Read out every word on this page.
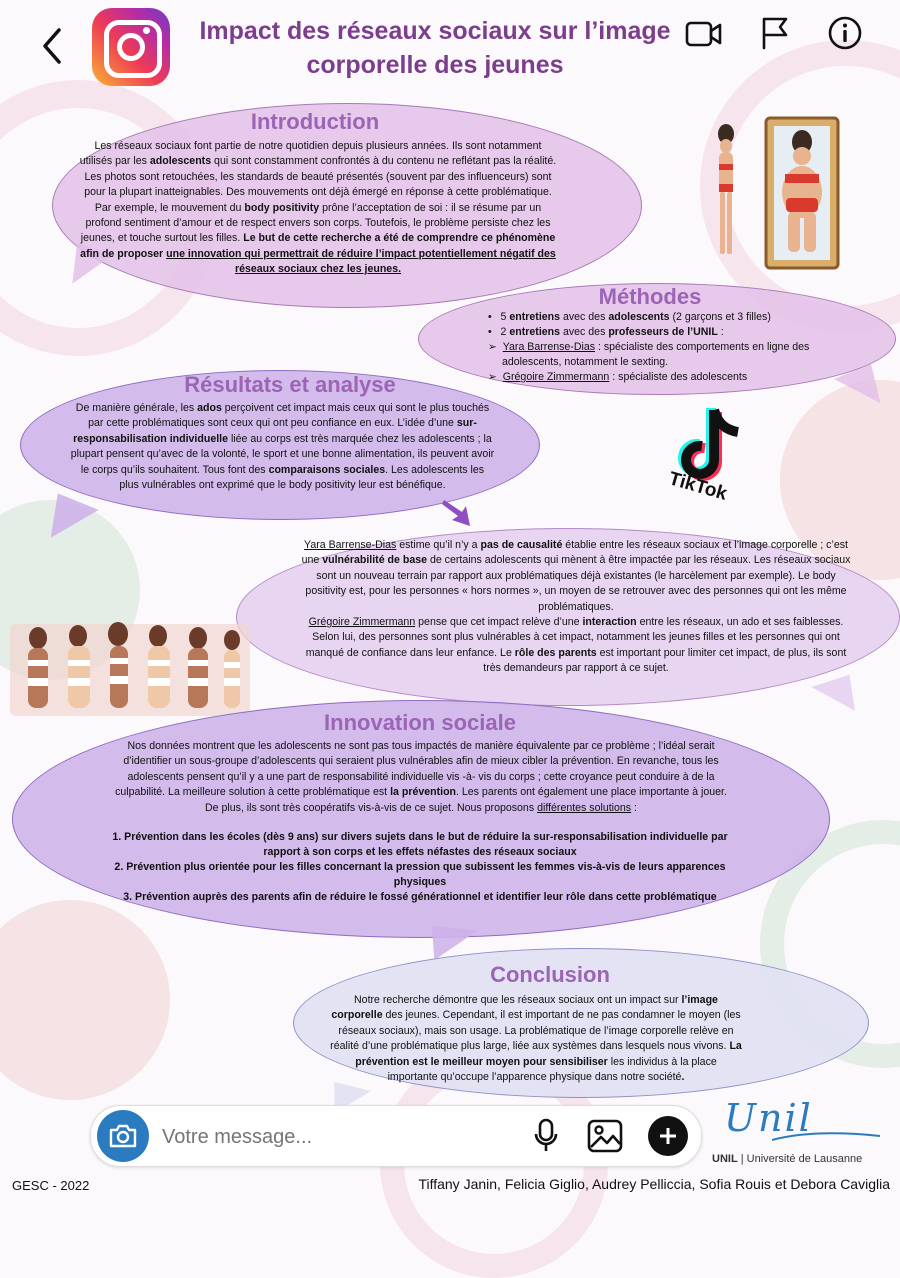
Impact des réseaux sociaux sur l’image
corporelle des jeunes
Introduction
Les réseaux sociaux font partie de notre quotidien depuis plusieurs années. Ils sont notamment utilisés par les adolescents qui sont constamment confrontés à du contenu ne reflétant pas la réalité. Les photos sont retouchées, les standards de beauté présentés (souvent par des influenceurs) sont pour la plupart inatteignables. Des mouvements ont déjà émergé en réponse à cette problématique. Par exemple, le mouvement du body positivity prône l’acceptation de soi : il se résume par un profond sentiment d’amour et de respect envers son corps. Toutefois, le problème persiste chez les jeunes, et touche surtout les filles. Le but de cette recherche a été de comprendre ce phénomène afin de proposer une innovation qui permettrait de réduire l’impact potentiellement négatif des réseaux sociaux chez les jeunes.
Méthodes
•   5 entretiens avec des adolescents (2 garçons et 3 filles)
•   2 entretiens avec des professeurs de l’UNIL :
➢  Yara Barrense-Dias : spécialiste des comportements en ligne des adolescents, notamment le sexting.
➢  Grégoire Zimmermann : spécialiste des adolescents
Résultats et analyse
De manière générale, les ados perçoivent cet impact mais ceux qui sont le plus touchés par cette problématiques sont ceux qui ont peu confiance en eux. L’idée d’une sur-responsabilisation individuelle liée au corps est très marquée chez les adolescents ; la plupart pensent qu’avec de la volonté, le sport et une bonne alimentation, ils peuvent avoir le corps qu’ils souhaitent. Tous font des comparaisons sociales. Les adolescents les plus vulnérables ont exprimé que le body positivity leur est bénéfique.	TikTok
Yara Barrense-Dias estime qu’il n’y a pas de causalité établie entre les réseaux sociaux et l’image corporelle ; c’est une vulnérabilité de base de certains adolescents qui mènent à être impactée par les réseaux. Les réseaux sociaux sont un nouveau terrain par rapport aux problématiques déjà existantes (le harcèlement par exemple). Le body positivity est, pour les personnes « hors normes », un moyen de se retrouver avec des personnes qui ont les même problématiques.
Grégoire Zimmermann pense que cet impact relève d’une interaction entre les réseaux, un ado et ses faiblesses. Selon lui, des personnes sont plus vulnérables à cet impact, notamment les jeunes filles et les personnes qui ont manqué de confiance dans leur enfance. Le rôle des parents est important pour limiter cet impact, de plus, ils sont très demandeurs par rapport à ce sujet.
Innovation sociale
Nos données montrent que les adolescents ne sont pas tous impactés de manière équivalente par ce problème ; l’idéal serait d’identifier un sous-groupe d’adolescents qui seraient plus vulnérables afin de mieux cibler la prévention. En revanche, tous les adolescents pensent qu’il y a une part de responsabilité individuelle vis -à- vis du corps ; cette croyance peut conduire à de la culpabilité. La meilleure solution à cette problématique est la prévention. Les parents ont également une place importante à jouer. De plus, ils sont très coopératifs vis-à-vis de ce sujet. Nous proposons différentes solutions :
1. Prévention dans les écoles (dès 9 ans) sur divers sujets dans le but de réduire la sur-responsabilisation individuelle par rapport à son corps et les effets néfastes des réseaux sociaux
2. Prévention plus orientée pour les filles concernant la pression que subissent les femmes vis-à-vis de leurs apparences physiques
3. Prévention auprès des parents afin de réduire le fossé générationnel et identifier leur rôle dans cette problématique
Conclusion
Notre recherche démontre que les réseaux sociaux ont un impact sur l’image corporelle des jeunes. Cependant, il est important de ne pas condamner le moyen (les réseaux sociaux), mais son usage. La problématique de l’image corporelle relève en réalité d’une problématique plus large, liée aux systèmes dans lesquels nous vivons. La prévention est le meilleur moyen pour sensibiliser les individus à la place importante qu’occupe l’apparence physique dans notre société.
Votre message...
Unil
UNIL | Université de Lausanne
GESC - 2022	Tiffany Janin, Felicia Giglio, Audrey Pelliccia, Sofia Rouis et Debora Caviglia
